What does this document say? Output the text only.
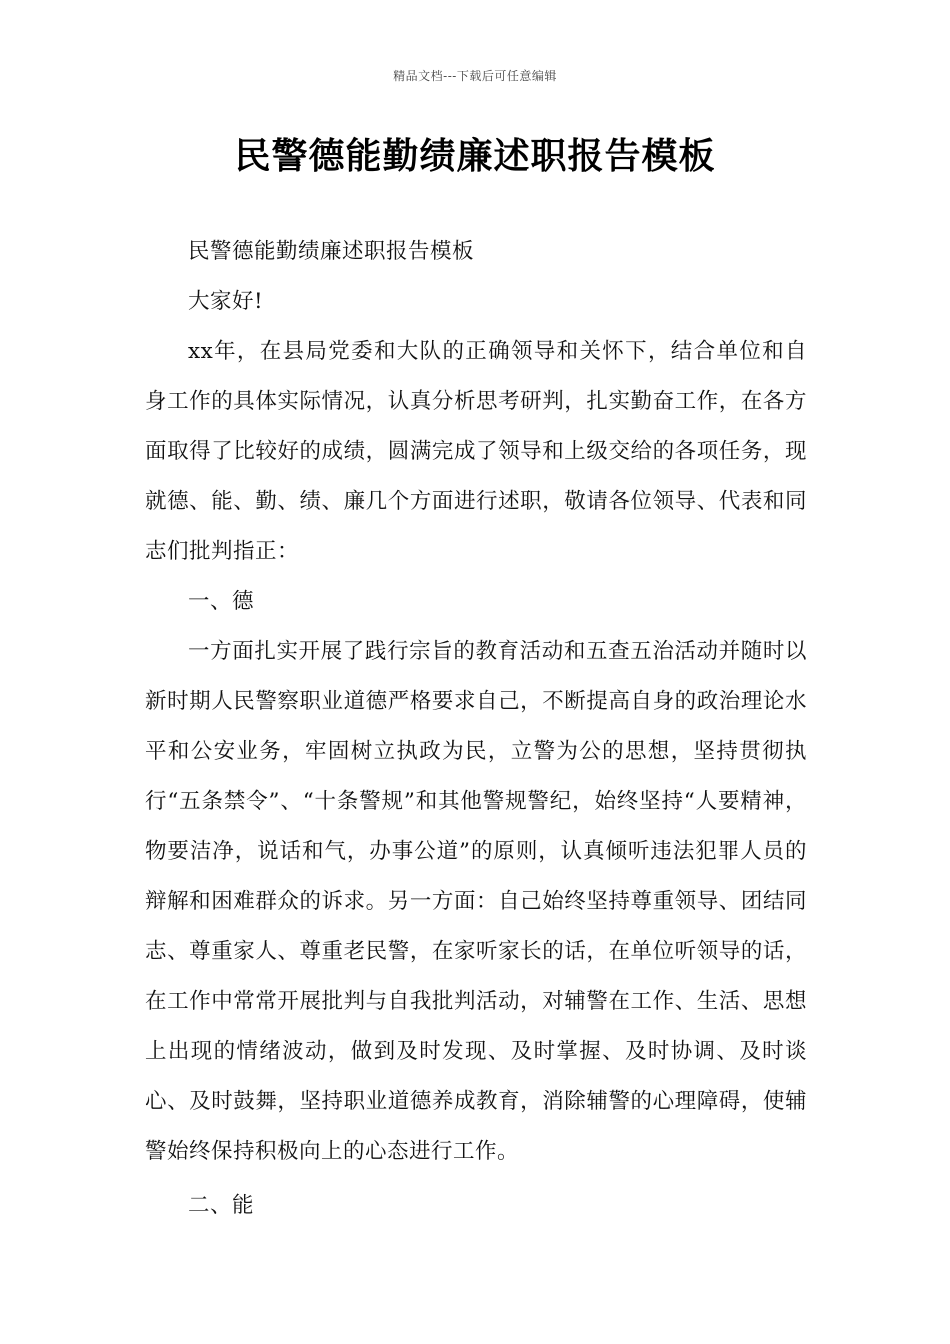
精品文档---下载后可任意编辑
民警德能勤绩廉述职报告模板

民警德能勤绩廉述职报告模板

大家好!

xx年，在县局党委和大队的正确领导和关怀下，结合单位和自身工作的具体实际情况，认真分析思考研判，扎实勤奋工作，在各方面取得了比较好的成绩，圆满完成了领导和上级交给的各项任务，现就德、能、勤、绩、廉几个方面进行述职，敬请各位领导、代表和同志们批判指正：

一、德

一方面扎实开展了践行宗旨的教育活动和五查五治活动并随时以新时期人民警察职业道德严格要求自己，不断提高自身的政治理论水平和公安业务，牢固树立执政为民，立警为公的思想，坚持贯彻执行“五条禁令”、“十条警规”和其他警规警纪，始终坚持“人要精神，物要洁净，说话和气，办事公道”的原则，认真倾听违法犯罪人员的辩解和困难群众的诉求。另一方面：自己始终坚持尊重领导、团结同志、尊重家人、尊重老民警，在家听家长的话，在单位听领导的话，在工作中常常开展批判与自我批判活动，对辅警在工作、生活、思想上出现的情绪波动，做到及时发现、及时掌握、及时协调、及时谈心、及时鼓舞，坚持职业道德养成教育，消除辅警的心理障碍，使辅警始终保持积极向上的心态进行工作。

二、能
